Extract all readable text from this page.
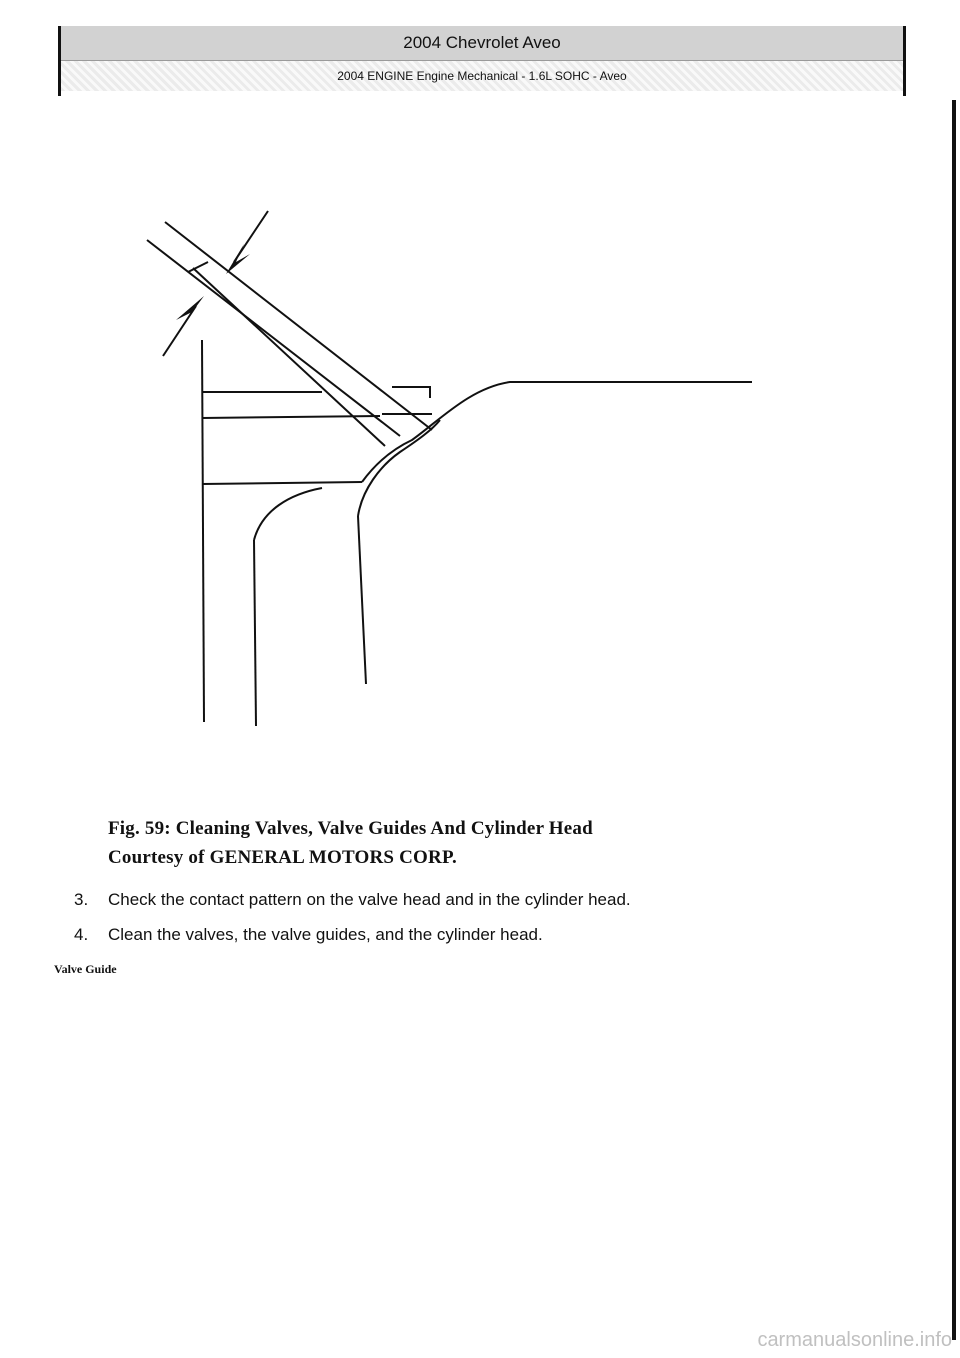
2004 Chevrolet Aveo
2004 ENGINE Engine Mechanical - 1.6L SOHC - Aveo
Fig. 59: Cleaning Valves, Valve Guides And Cylinder Head
Courtesy of GENERAL MOTORS CORP.
3. Check the contact pattern on the valve head and in the cylinder head.
4. Clean the valves, the valve guides, and the cylinder head.
Valve Guide
carmanualsonline.info
